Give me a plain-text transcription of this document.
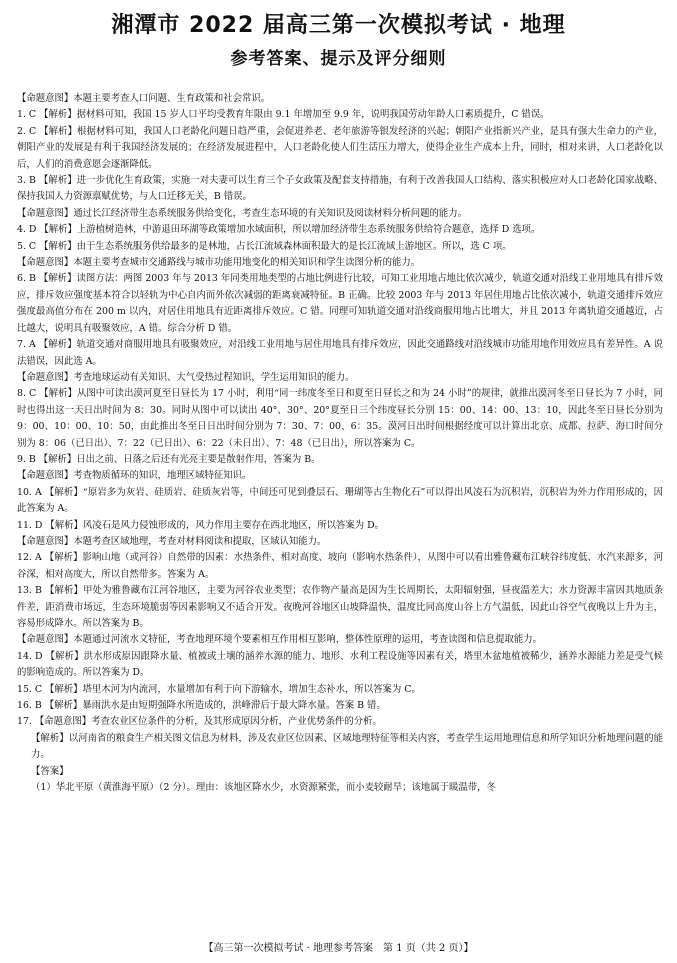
湘潭市 2022 届高三第一次模拟考试 · 地理
参考答案、提示及评分细则

【命题意图】本题主要考查人口问题、生育政策和社会常识。

1. C 【解析】据材料可知，我国 15 岁人口平均受教育年限由 9.1 年增加至 9.9 年，说明我国劳动年龄人口素质提升，C 错误。

2. C 【解析】根据材料可知，我国人口老龄化问题日趋严重，会促进养老、老年旅游等银发经济的兴起；朝阳产业指新兴产业，是具有强大生命力的产业，朝阳产业的发展是有利于我国经济发展的；在经济发展进程中，人口老龄化使人们生活压力增大，使得企业生产成本上升，同时，相对来讲，人口老龄化以后，人们的消费意愿会逐渐降低。

3. B 【解析】进一步优化生育政策，实施一对夫妻可以生育三个子女政策及配套支持措施，有利于改善我国人口结构、落实积极应对人口老龄化国家战略、保持我国人力资源禀赋优势，与人口迁移无关，B 错误。

【命题意图】通过长江经济带生态系统服务供给变化，考查生态环境的有关知识及阅读材料分析问题的能力。

4. D 【解析】上游植树造林，中游退田环湖等政策增加水域面积，所以增加经济带生态系统服务供给符合题意，选择 D 选项。

5. C 【解析】由于生态系统服务供给最多的是林地，占长江流域森林面积最大的是长江流域上游地区。所以，选 C 项。

【命题意图】本题主要考查城市交通路线与城市功能用地变化的相关知识和学生读图分析的能力。

6. B 【解析】读图方法：两图 2003 年与 2013 年同类用地类型的占地比例进行比较，可知工业用地占地比依次减少，轨道交通对沿线工业用地具有排斥效应，排斥效应强度基本符合以轻轨为中心自内而外依次减弱的距离衰减特征。B 正确。比较 2003 年与 2013 年居住用地占比依次减小，轨道交通排斥效应强度最高值分布在 200 m 以内，对居住用地具有近距离排斥效应。C 错。同理可知轨道交通对沿线商服用地占比增大，并且 2013 年离轨道交通越近，占比越大，说明具有吸聚效应，A 错。综合分析 D 错。

7. A 【解析】轨道交通对商服用地具有吸聚效应，对沿线工业用地与居住用地具有排斥效应，因此交通路线对沿线城市功能用地作用效应具有差异性。A 说法错误，因此选 A。

【命题意图】考查地球运动有关知识、大气受热过程知识，学生运用知识的能力。

8. C 【解析】从图中可读出漠河夏至日昼长为 17 小时，利用“同一纬度冬至日和夏至日昼长之和为 24 小时”的规律，就推出漠河冬至日昼长为 7 小时，同时也得出这一天日出时间为 8：30。同时从图中可以读出 40°、30°、20°夏至日三个纬度昼长分别 15：00、14：00、13：10，因此冬至日昼长分别为 9：00、10：00、10：50，由此推出冬至日日出时间分别为 7：30、7：00、6：35。漠河日出时间根据经度可以计算出北京、成都、拉萨、海口时间分别为 8：06（已日出）、7：22（已日出）、6：22（未日出）、7：48（已日出），所以答案为 C。

9. B 【解析】日出之前、日落之后还有光亮主要是散射作用，答案为 B。

【命题意图】考查物质循环的知识，地理区域特征知识。

10. A 【解析】“原岩多为灰岩、硅质岩、硅质灰岩等，中间还可见到叠层石、珊瑚等古生物化石”可以得出风凌石为沉积岩，沉积岩为外力作用形成的，因此答案为 A。

11. D 【解析】风凌石是风力侵蚀形成的，风力作用主要存在西北地区，所以答案为 D。

【命题意图】本题考查区域地理，考查对材料阅读和提取，区域认知能力。

12. A 【解析】影响山地（或河谷）自然带的因素：水热条件、相对高度、坡向（影响水热条件），从图中可以看出雅鲁藏布江峡谷纬度低、水汽来源多，河谷深，相对高度大，所以自然带多。答案为 A。

13. B 【解析】甲处为雅鲁藏布江河谷地区，主要为河谷农业类型；农作物产量高是因为生长周期长，太阳辐射强，昼夜温差大；水力资源丰富因其地质条件差，距消费市场远，生态环境脆弱等因素影响又不适合开发。夜晚河谷地区山坡降温快，温度比同高度山谷上方气温低，因此山谷空气夜晚以上升为主，容易形成降水。所以答案为 B。

【命题意图】本题通过河流水文特征，考查地理环境个要素相互作用相互影响，整体性原理的运用，考查读图和信息提取能力。

14. D 【解析】洪水形成原因跟降水量、植被或土壤的涵养水源的能力、地形、水利工程设施等因素有关，塔里木盆地植被稀少，涵养水源能力差是受气候的影响造成的。所以答案为 D。

15. C 【解析】塔里木河为内流河，水量增加有利于向下游输水，增加生态补水，所以答案为 C。

16. B 【解析】暴雨洪水是由短期强降水所造成的，洪峰滞后于最大降水量。答案 B 错。

17. 【命题意图】考查农业区位条件的分析，及其形成原因分析，产业优势条件的分析。

【解析】以河南省的粮食生产相关图文信息为材料，涉及农业区位因素、区域地理特征等相关内容，考查学生运用地理信息和所学知识分析地理问题的能力。

【答案】

（1）华北平原（黄淮海平原）（2 分）。理由：该地区降水少，水资源紧张，而小麦较耐旱；该地属于暖温带，冬

【高三第一次模拟考试 · 地理参考答案　第 1 页（共 2 页）】
